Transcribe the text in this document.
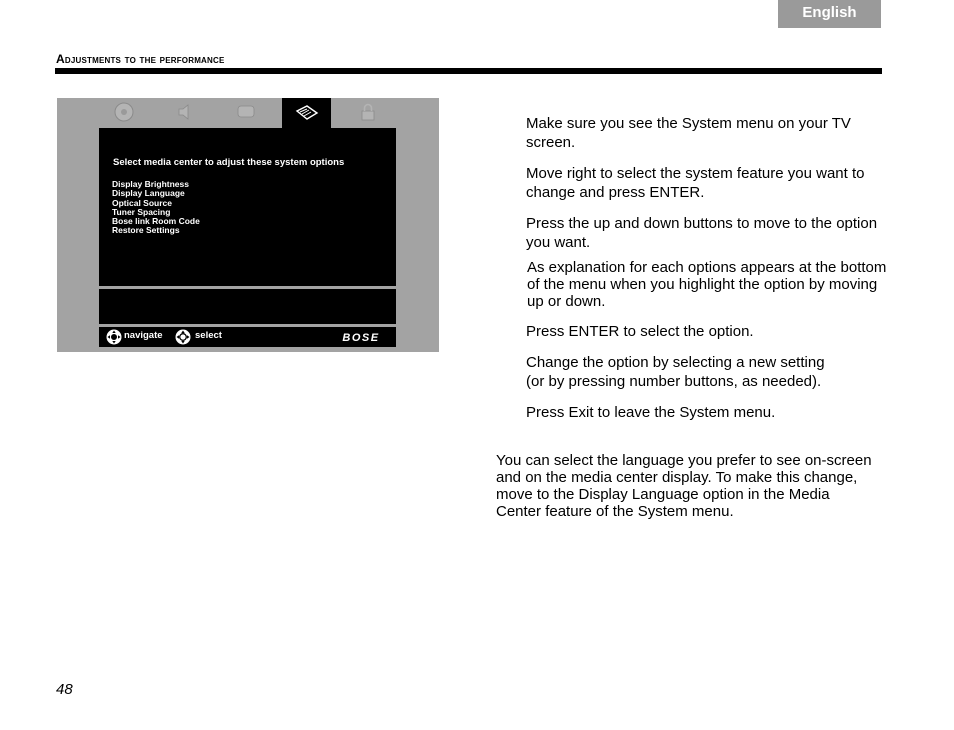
English
Adjustments to the performance
Select media center to adjust these system options
Display Brightness
Display Language
Optical Source
Tuner Spacing
Bose link Room Code
Restore Settings
navigate	select	BOSE
Make sure you see the System menu on your TV screen.
Move right to select the system feature you want to change and press ENTER.
Press the up and down buttons to move to the option you want.
As explanation for each options appears at the bottom of the menu when you highlight the option by moving up or down.
Press ENTER to select the option.
Change the option by selecting a new setting
(or by pressing number buttons, as needed).
Press Exit to leave the System menu.
You can select the language you prefer to see on-screen and on the media center display. To make this change, move to the Display Language option in the Media Center feature of the System menu.
48
